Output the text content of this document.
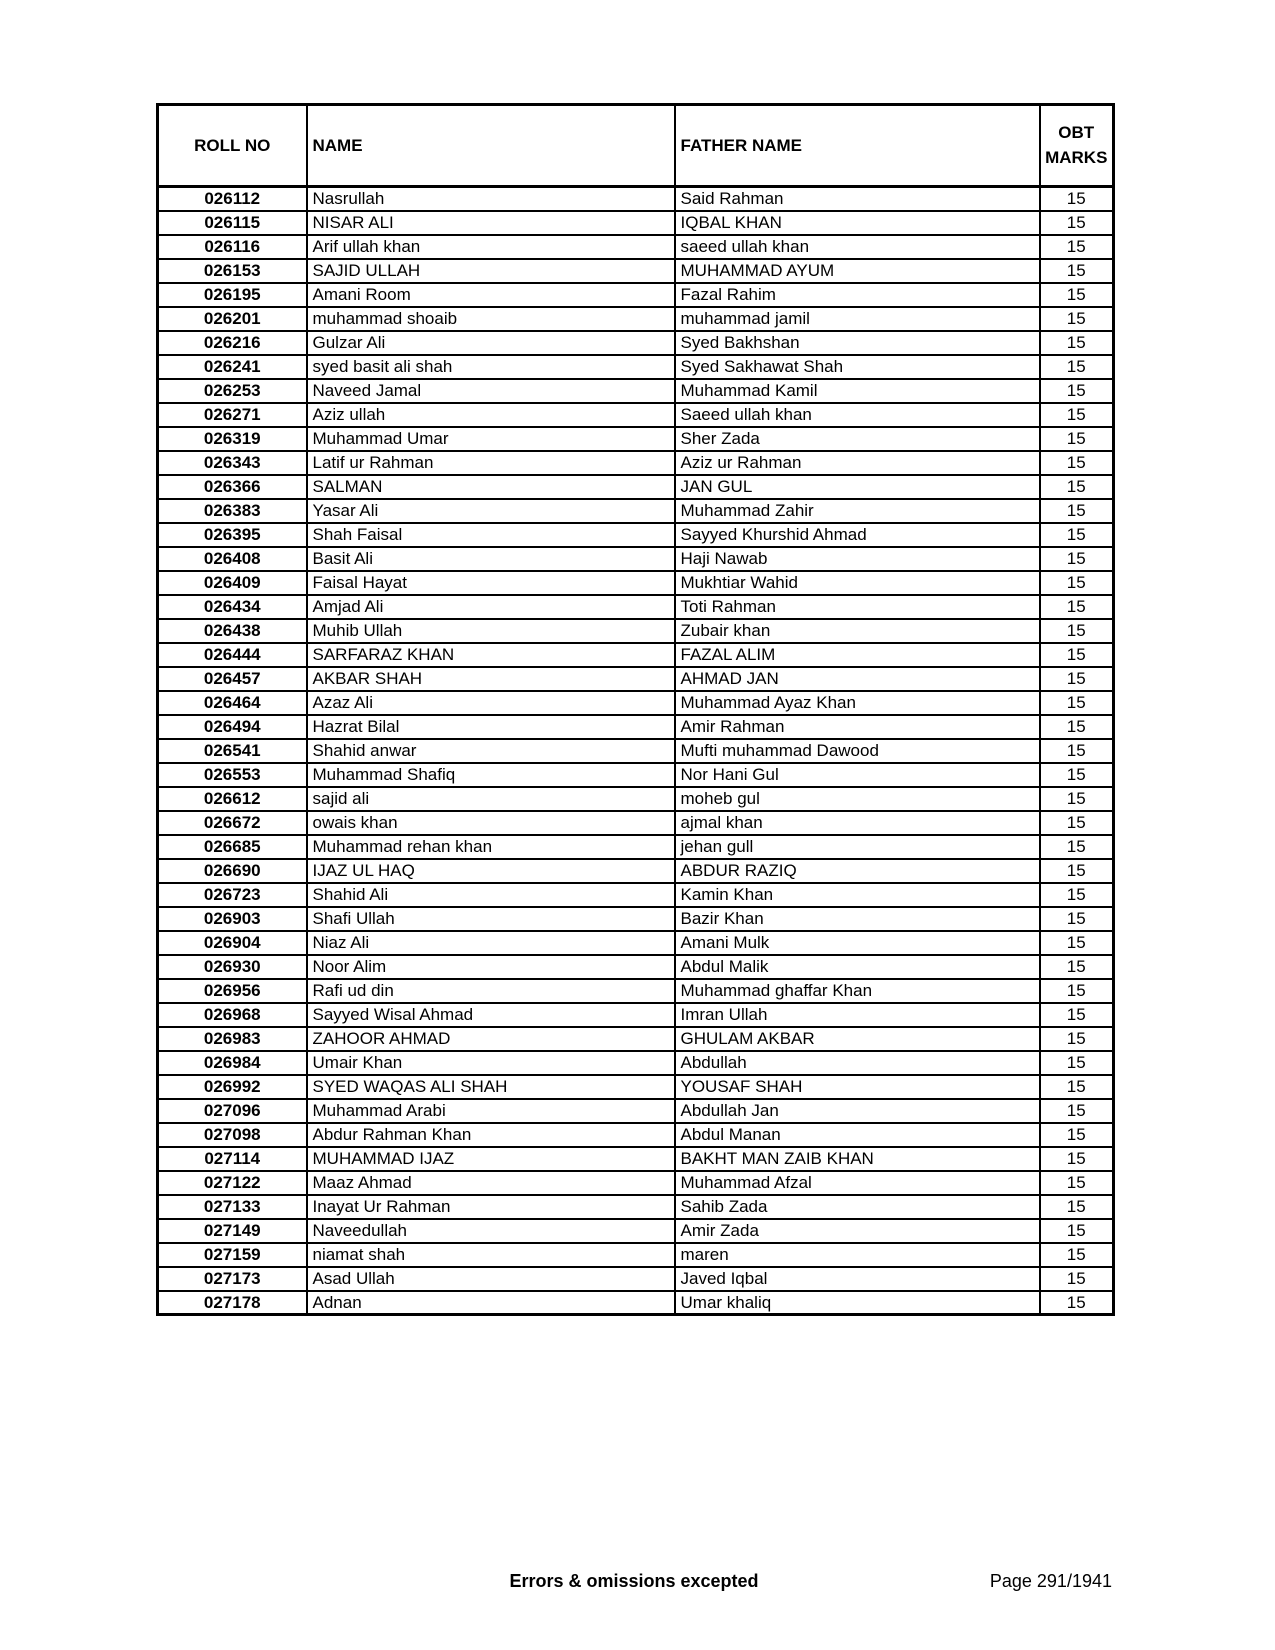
ROLL NO	NAME	FATHER NAME	OBT MARKS
026112	Nasrullah	Said Rahman	15
026115	NISAR ALI	IQBAL KHAN	15
026116	Arif ullah khan	saeed ullah khan	15
026153	SAJID ULLAH	MUHAMMAD AYUM	15
026195	Amani Room	Fazal Rahim	15
026201	muhammad shoaib	muhammad jamil	15
026216	Gulzar Ali	Syed Bakhshan	15
026241	syed basit ali shah	Syed Sakhawat Shah	15
026253	Naveed Jamal	Muhammad Kamil	15
026271	Aziz ullah	Saeed ullah khan	15
026319	Muhammad Umar	Sher Zada	15
026343	Latif ur Rahman	Aziz ur Rahman	15
026366	SALMAN	JAN GUL	15
026383	Yasar Ali	Muhammad Zahir	15
026395	Shah Faisal	Sayyed Khurshid Ahmad	15
026408	Basit Ali	Haji Nawab	15
026409	Faisal Hayat	Mukhtiar Wahid	15
026434	Amjad Ali	Toti Rahman	15
026438	Muhib Ullah	Zubair khan	15
026444	SARFARAZ KHAN	FAZAL ALIM	15
026457	AKBAR SHAH	AHMAD JAN	15
026464	Azaz Ali	Muhammad Ayaz Khan	15
026494	Hazrat Bilal	Amir Rahman	15
026541	Shahid anwar	Mufti muhammad Dawood	15
026553	Muhammad Shafiq	Nor Hani Gul	15
026612	sajid ali	moheb gul	15
026672	owais khan	ajmal khan	15
026685	Muhammad rehan khan	jehan gull	15
026690	IJAZ UL HAQ	ABDUR RAZIQ	15
026723	Shahid Ali	Kamin Khan	15
026903	Shafi Ullah	Bazir Khan	15
026904	Niaz Ali	Amani Mulk	15
026930	Noor Alim	Abdul Malik	15
026956	Rafi ud din	Muhammad ghaffar Khan	15
026968	Sayyed Wisal Ahmad	Imran Ullah	15
026983	ZAHOOR AHMAD	GHULAM AKBAR	15
026984	Umair Khan	Abdullah	15
026992	SYED WAQAS ALI SHAH	YOUSAF SHAH	15
027096	Muhammad Arabi	Abdullah Jan	15
027098	Abdur Rahman Khan	Abdul Manan	15
027114	MUHAMMAD IJAZ	BAKHT MAN ZAIB KHAN	15
027122	Maaz Ahmad	Muhammad Afzal	15
027133	Inayat Ur Rahman	Sahib Zada	15
027149	Naveedullah	Amir Zada	15
027159	niamat shah	maren	15
027173	Asad Ullah	Javed Iqbal	15
027178	Adnan	Umar khaliq	15
Errors & omissions excepted	Page 291/1941
